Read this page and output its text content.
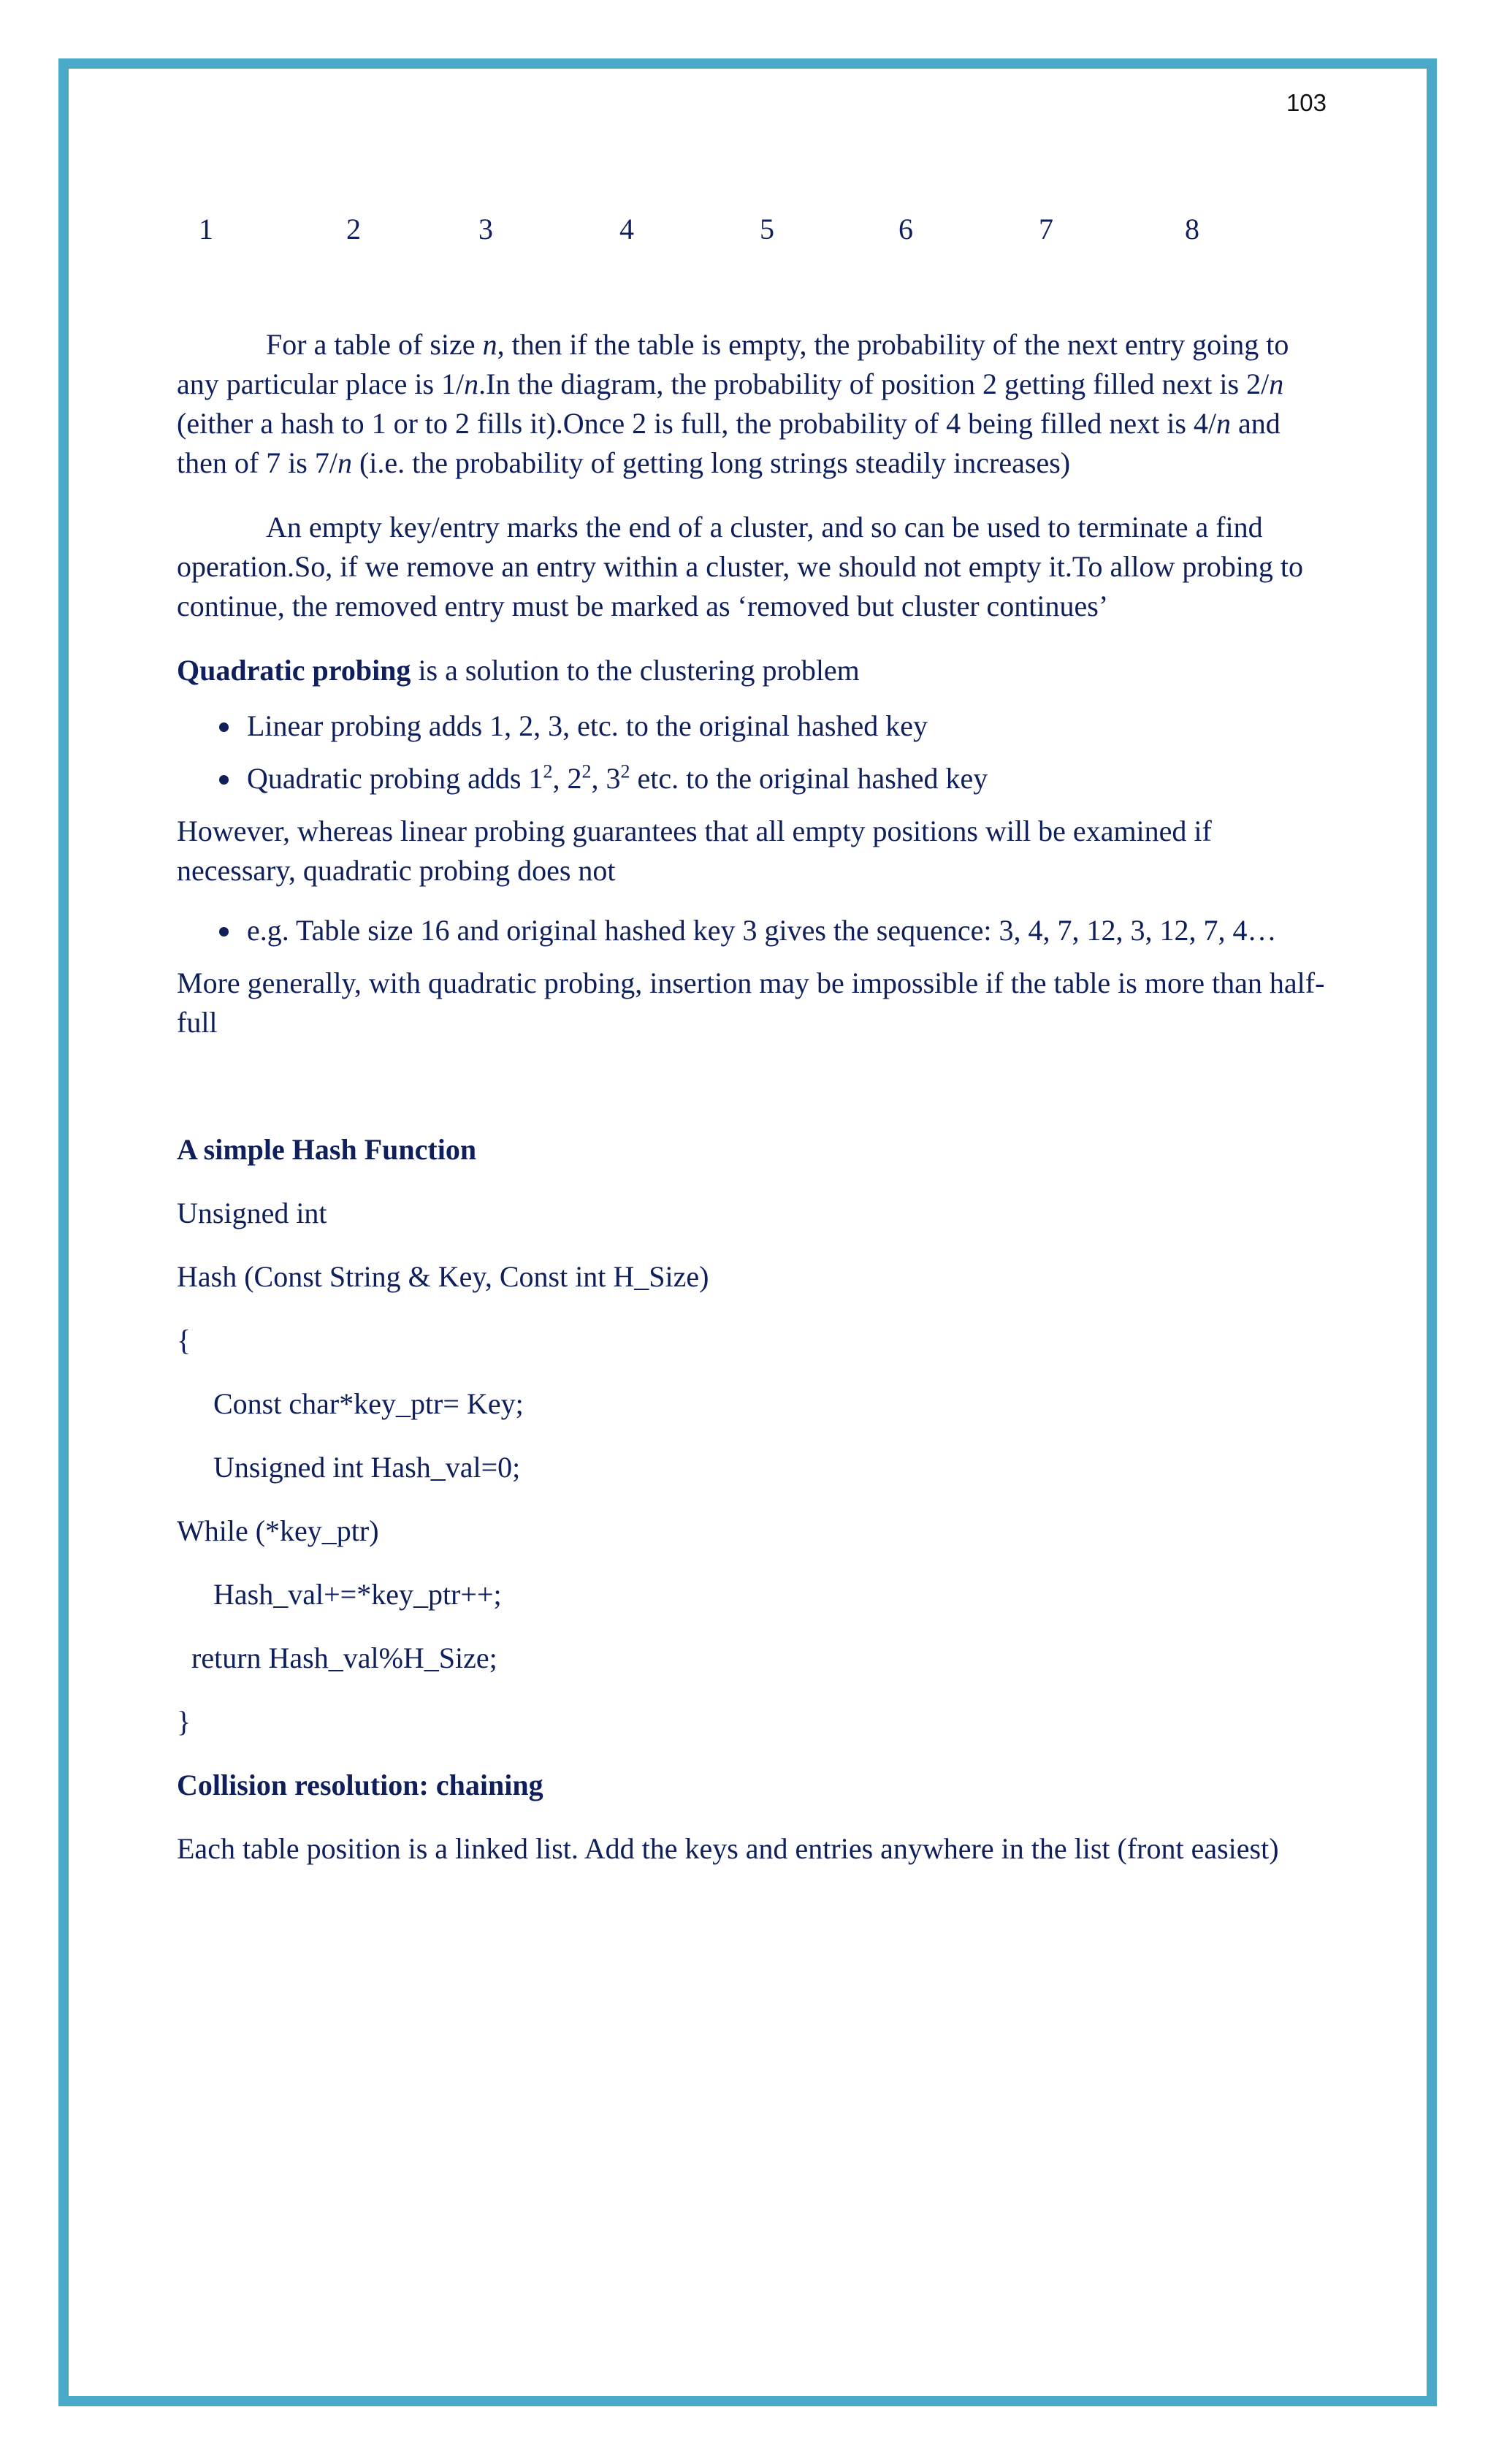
103
1	2	3	4	5	6	7	8

For a table of size n, then if the table is empty, the probability of the next entry going to any particular place is 1/n.In the diagram, the probability of position 2 getting filled next is 2/n (either a hash to 1 or to 2 fills it).Once 2 is full, the probability of 4 being filled next is 4/n and then of 7 is 7/n (i.e. the probability of getting long strings steadily increases)

An empty key/entry marks the end of a cluster, and so can be used to terminate a find operation.So, if we remove an entry within a cluster, we should not empty it.To allow probing to continue, the removed entry must be marked as ‘removed but cluster continues’

Quadratic probing is a solution to the clustering problem

Linear probing adds 1, 2, 3, etc. to the original hashed key
Quadratic probing adds $1^2$, $2^2$, $3^2$ etc. to the original hashed key

However, whereas linear probing guarantees that all empty positions will be examined if necessary, quadratic probing does not

e.g. Table size 16 and original hashed key 3 gives the sequence: 3, 4, 7, 12, 3, 12, 7, 4…

More generally, with quadratic probing, insertion may be impossible if the table is more than half-full

A simple Hash Function

Unsigned int

Hash (Const String & Key, Const int H_Size)

{

Const char*key_ptr= Key;

Unsigned int Hash_val=0;

While (*key_ptr)

Hash_val+=*key_ptr++;

return Hash_val%H_Size;

}

Collision resolution: chaining

Each table position is a linked list. Add the keys and entries anywhere in the list (front easiest)
